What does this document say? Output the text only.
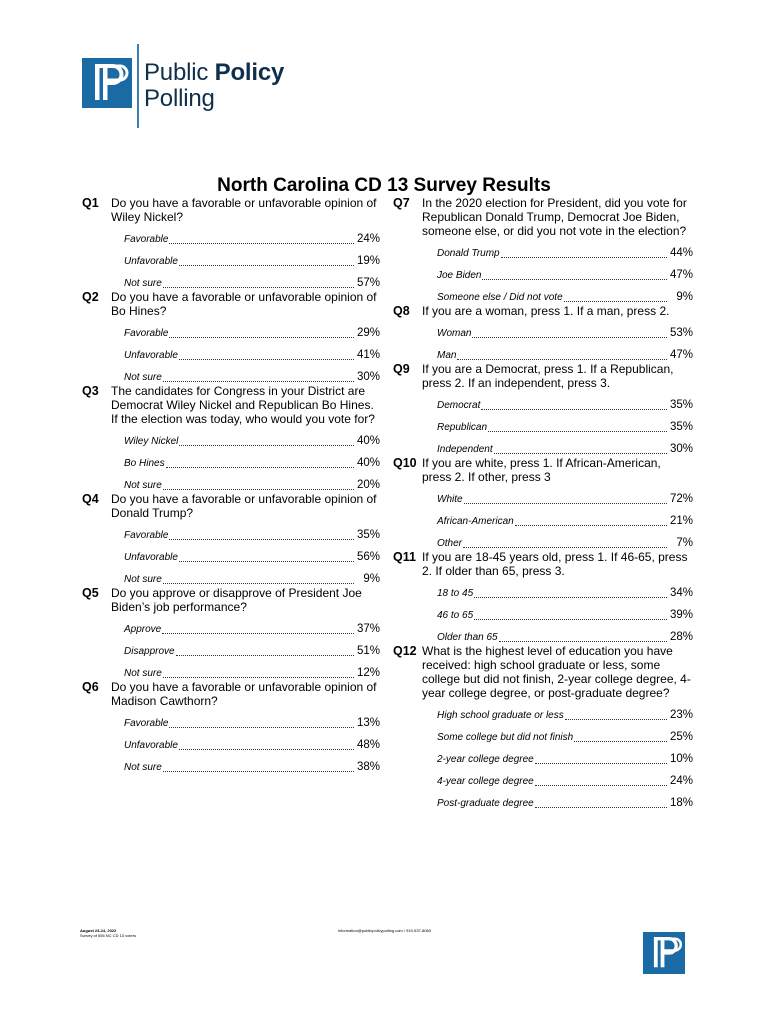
Public Policy
Polling
North Carolina CD 13 Survey Results
Q1	Do you have a favorable or unfavorable opinion of Wiley Nickel?
Favorable	24%
Unfavorable	19%
Not sure	57%
Q2	Do you have a favorable or unfavorable opinion of Bo Hines?
Favorable	29%
Unfavorable	41%
Not sure	30%
Q3	The candidates for Congress in your District are Democrat Wiley Nickel and Republican Bo Hines. If the election was today, who would you vote for?
Wiley Nickel	40%
Bo Hines	40%
Not sure	20%
Q4	Do you have a favorable or unfavorable opinion of Donald Trump?
Favorable	35%
Unfavorable	56%
Not sure	9%
Q5	Do you approve or disapprove of President Joe Biden’s job performance?
Approve	37%
Disapprove	51%
Not sure	12%
Q6	Do you have a favorable or unfavorable opinion of Madison Cawthorn?
Favorable	13%
Unfavorable	48%
Not sure	38%
Q7	In the 2020 election for President, did you vote for Republican Donald Trump, Democrat Joe Biden, someone else, or did you not vote in the election?
Donald Trump	44%
Joe Biden	47%
Someone else / Did not vote	9%
Q8	If you are a woman, press 1. If a man, press 2.
Woman	53%
Man	47%
Q9	If you are a Democrat, press 1. If a Republican, press 2. If an independent, press 3.
Democrat	35%
Republican	35%
Independent	30%
Q10 If you are white, press 1. If African-American, press 2. If other, press 3
White	72%
African-American	21%
Other	7%
Q11 If you are 18-45 years old, press 1. If 46-65, press 2. If older than 65, press 3.
18 to 45	34%
46 to 65	39%
Older than 65	28%
Q12 What is the highest level of education you have received: high school graduate or less, some college but did not finish, 2-year college degree, 4-year college degree, or post-graduate degree?
High school graduate or less	23%
Some college but did not finish	25%
2-year college degree	10%
4-year college degree	24%
Post-graduate degree	18%
August 23-24, 2022
Survey of 556 NC CD 13 voters
information@publicpolicypolling.com / 919-537-8083
